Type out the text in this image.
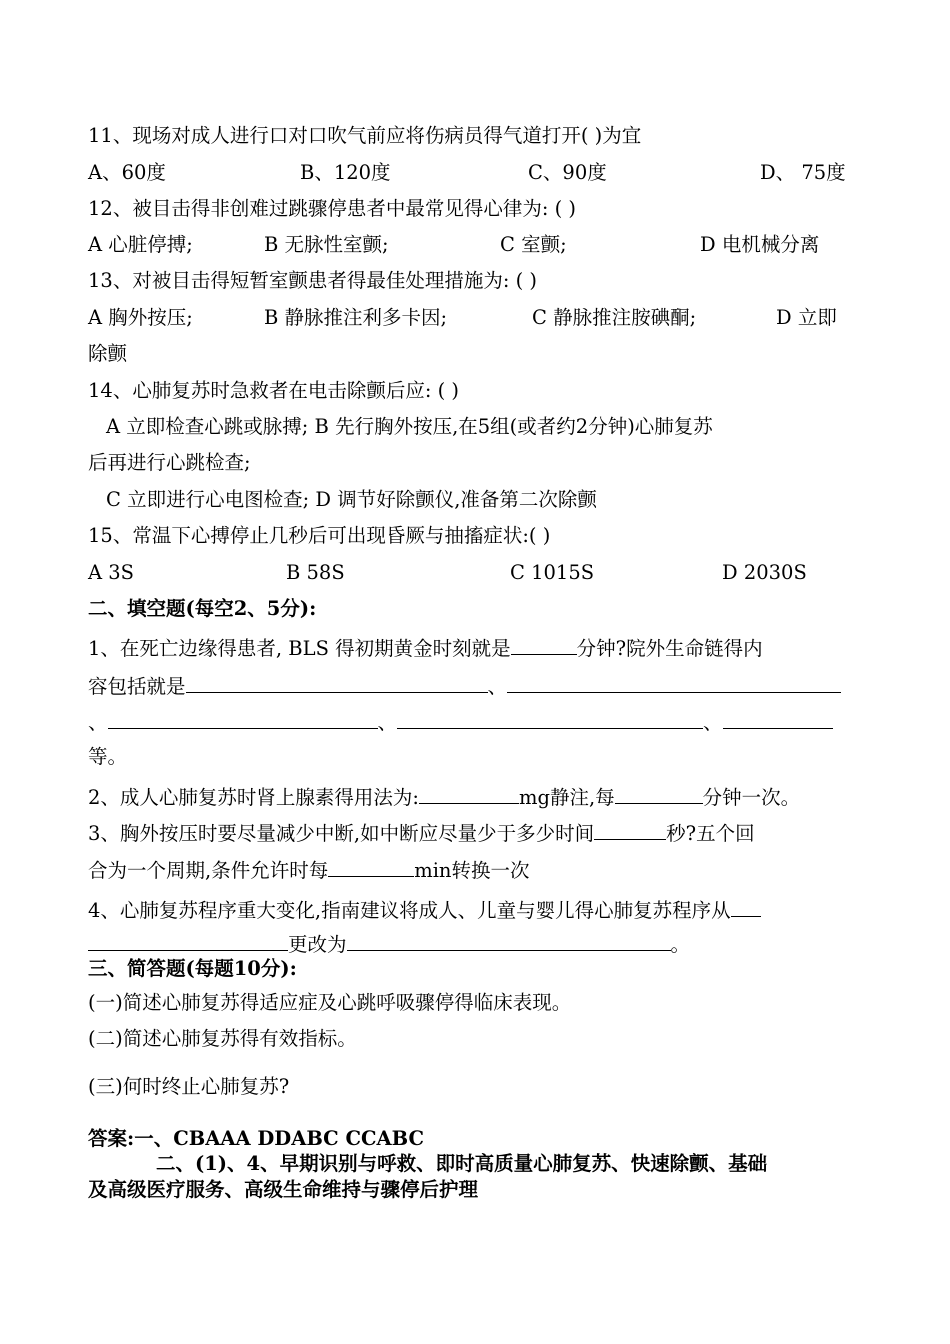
11、现场对成人进行口对口吹气前应将伤病员得气道打开( )为宜
A、60度	B、120度	C、90度	D、 75度
12、被目击得非创难过跳骤停患者中最常见得心律为: ( )
A 心脏停搏;	B 无脉性室颤;	C 室颤;	D 电机械分离
13、对被目击得短暂室颤患者得最佳处理措施为: ( )
A 胸外按压;	B 静脉推注利多卡因;	C 静脉推注胺碘酮;	D 立即
除颤
14、心肺复苏时急救者在电击除颤后应: ( )
A 立即检查心跳或脉搏; B 先行胸外按压,在5组(或者约2分钟)心肺复苏
后再进行心跳检查;
C 立即进行心电图检查; D 调节好除颤仪,准备第二次除颤
15、常温下心搏停止几秒后可出现昏厥与抽搐症状:( )
A 3S	B 58S	C 1015S	D 2030S
二、填空题(每空2、5分):
1、在死亡边缘得患者, BLS 得初期黄金时刻就是	分钟?院外生命链得内
容包括就是	、
、	、	、
等。
2、成人心肺复苏时肾上腺素得用法为:	mg静注,每	分钟一次。
3、胸外按压时要尽量减少中断,如中断应尽量少于多少时间	秒?五个回
合为一个周期,条件允许时每	min转换一次
4、心肺复苏程序重大变化,指南建议将成人、儿童与婴儿得心肺复苏程序从
更改为	。
三、简答题(每题10分):
(一)简述心肺复苏得适应症及心跳呼吸骤停得临床表现。
(二)简述心肺复苏得有效指标。
(三)何时终止心肺复苏?
答案:一、CBAAA DDABC CCABC
二、(1)、4、早期识别与呼救、即时高质量心肺复苏、快速除颤、基础
及高级医疗服务、高级生命维持与骤停后护理
